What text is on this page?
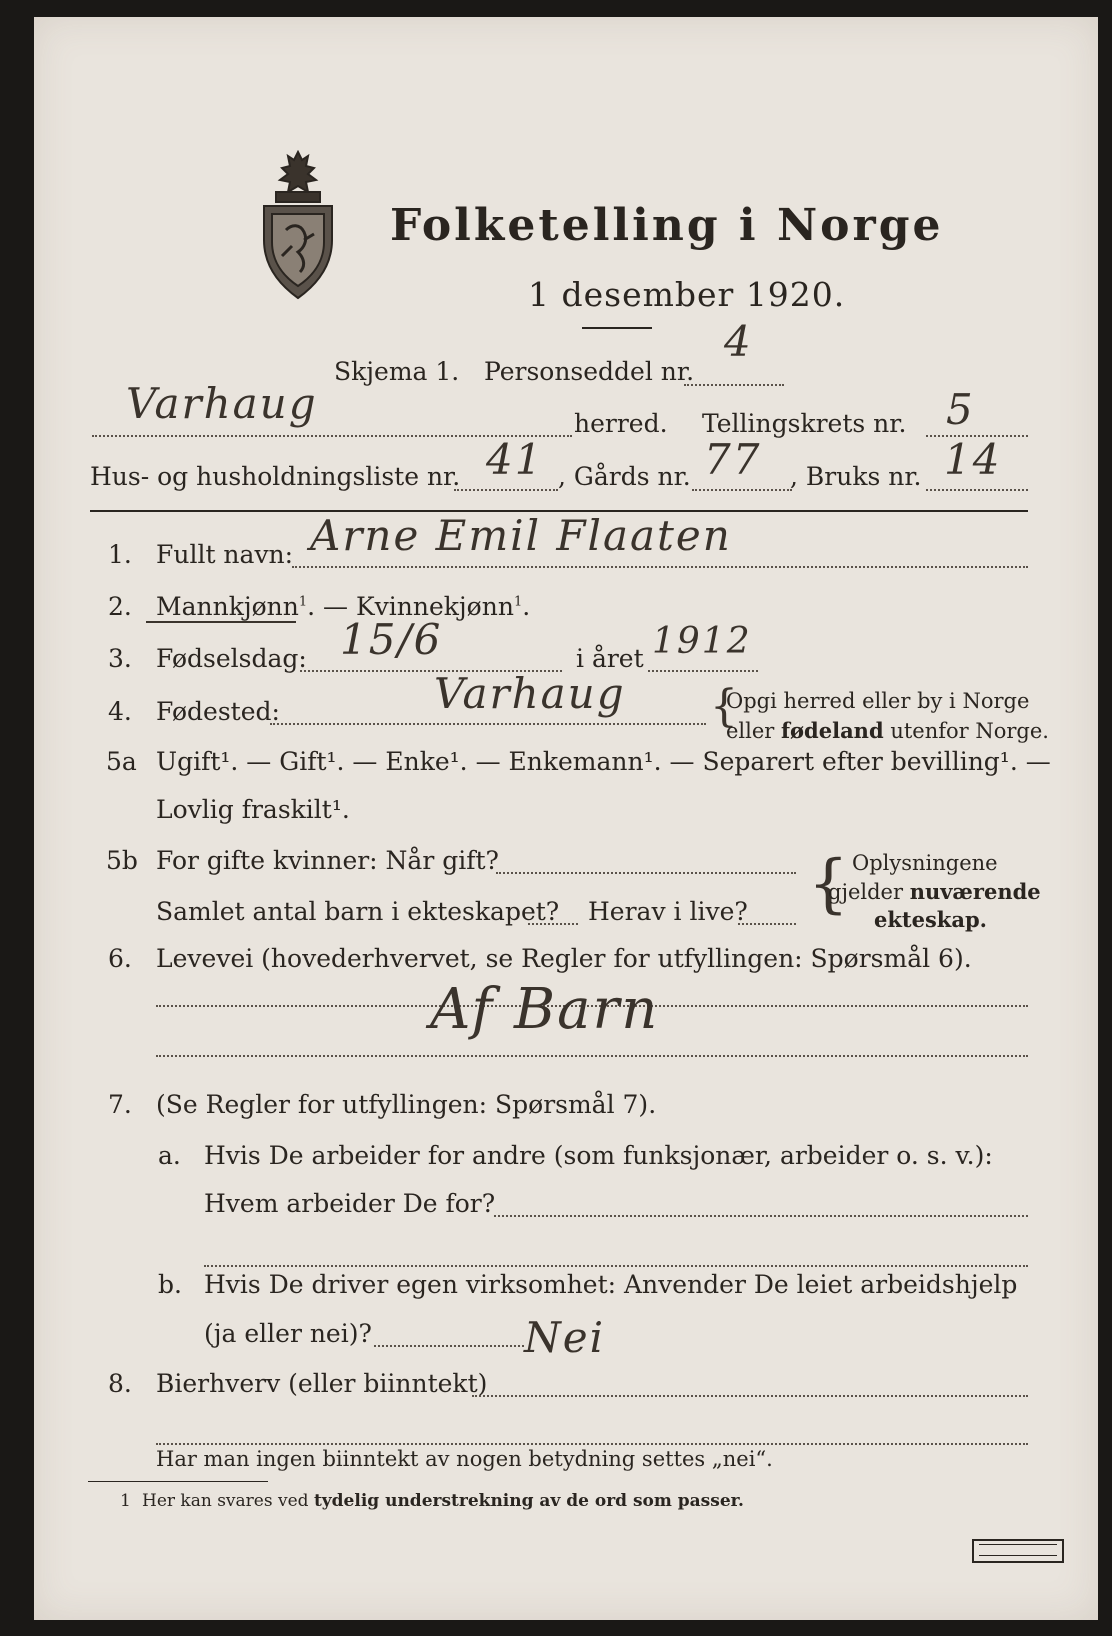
Folketelling i Norge
1 desember 1920.
Skjema 1. Personseddel nr.
4
Varhaug	herred. Tellingskrets nr. 5
Hus- og husholdningsliste nr. 41 , Gårds nr. 77 , Bruks nr. 14
1. Fullt navn: Arne Emil Flaaten
2. Mannkjønn$^1$. — Kvinnekjønn$^1$.
3. Fødselsdag: 15/6	i året 1912
4. Fødested:	Varhaug {
Opgi herred eller by i Norge
eller fødeland utenfor Norge.
5a Ugift¹. — Gift¹. — Enke¹. — Enkemann¹. — Separert efter bevilling¹. —
Lovlig fraskilt¹.
5b For gifte kvinner: Når gift?
Samlet antal barn i ekteskapet? Herav i live? { Oplysningene
gjelder nuværende
ekteskap.
6. Levevei (hovederhvervet, se Regler for utfyllingen: Spørsmål 6).
Af Barn
7. (Se Regler for utfyllingen: Spørsmål 7).
a. Hvis De arbeider for andre (som funksjonær, arbeider o. s. v.):
Hvem arbeider De for?
b. Hvis De driver egen virksomhet: Anvender De leiet arbeidshjelp
(ja eller nei)?	Nei
8. Bierhverv (eller biinntekt)
Har man ingen biinntekt av nogen betydning settes „nei“.
1 Her kan svares ved tydelig understrekning av de ord som passer.
